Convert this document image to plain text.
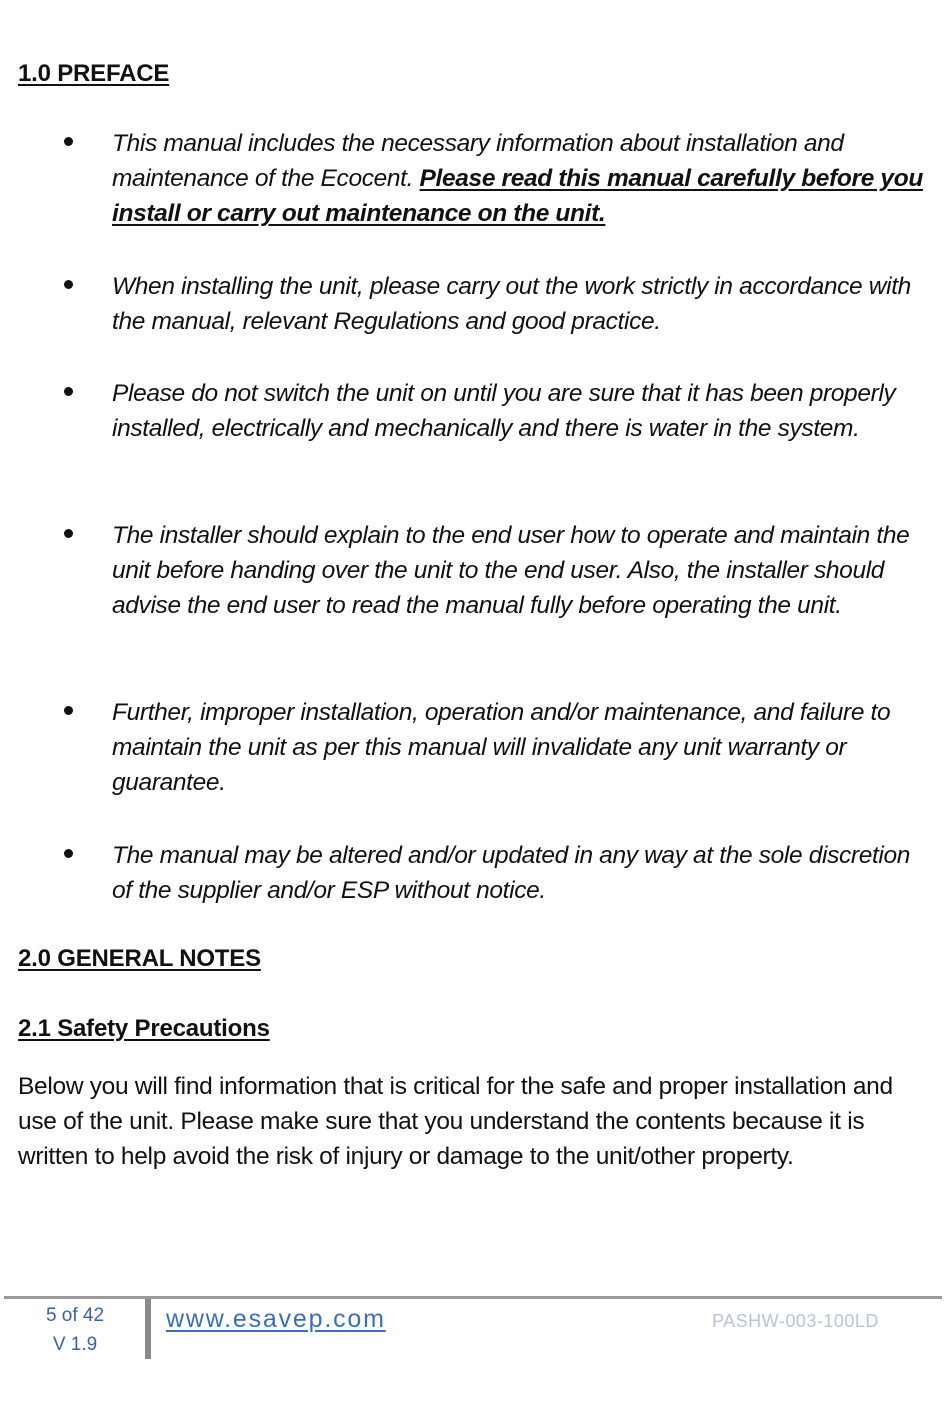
1.0 PREFACE
This manual includes the necessary information about installation and maintenance of the Ecocent. Please read this manual carefully before you install or carry out maintenance on the unit.
When installing the unit, please carry out the work strictly in accordance with the manual, relevant Regulations and good practice.
Please do not switch the unit on until you are sure that it has been properly installed, electrically and mechanically and there is water in the system.
The installer should explain to the end user how to operate and maintain the unit before handing over the unit to the end user. Also, the installer should advise the end user to read the manual fully before operating the unit.
Further, improper installation, operation and/or maintenance, and failure to maintain the unit as per this manual will invalidate any unit warranty or guarantee.
The manual may be altered and/or updated in any way at the sole discretion of the supplier and/or ESP without notice.
2.0 GENERAL NOTES
2.1 Safety Precautions

Below you will find information that is critical for the safe and proper installation and use of the unit. Please make sure that you understand the contents because it is written to help avoid the risk of injury or damage to the unit/other property.

5 of 42
V 1.9
www.esavep.com	PASHW-003-100LD
